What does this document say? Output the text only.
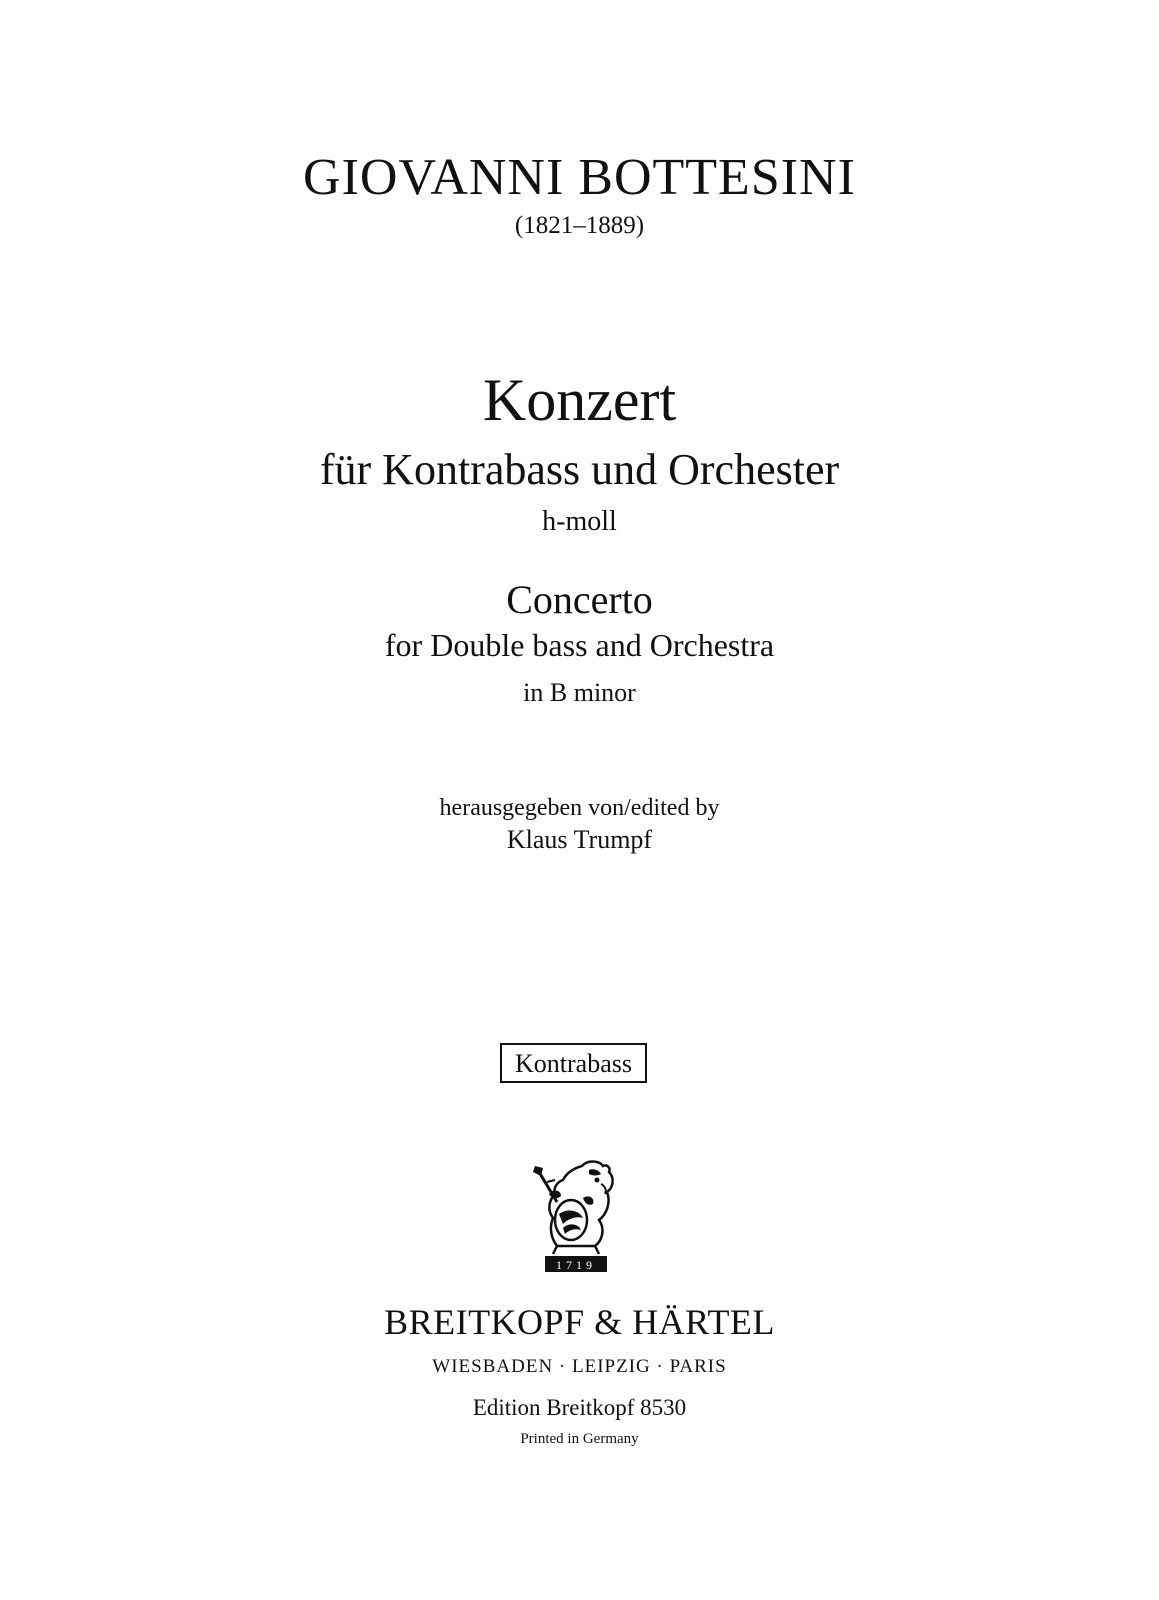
GIOVANNI BOTTESINI
(1821–1889)
Konzert
für Kontrabass und Orchester
h-moll
Concerto
for Double bass and Orchestra
in B minor
herausgegeben von/edited by
Klaus Trumpf
Kontrabass
1719
BREITKOPF & HÄRTEL
WIESBADEN · LEIPZIG · PARIS
Edition Breitkopf 8530
Printed in Germany
